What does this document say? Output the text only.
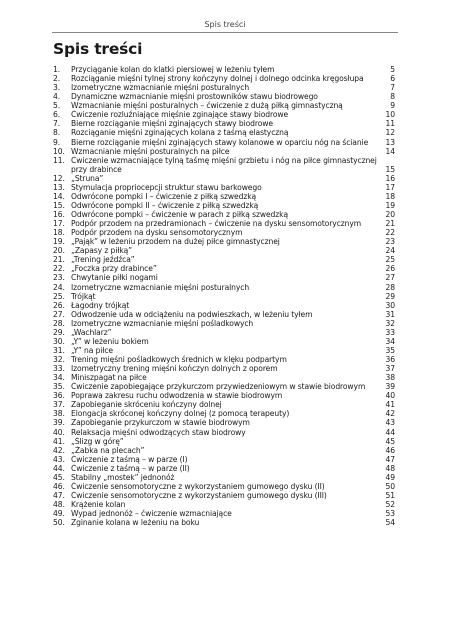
Spis treści
Spis treści
1.	Przyciąganie kolan do klatki piersiowej w leżeniu tyłem	5
2.	Rozciąganie mięśni tylnej strony kończyny dolnej i dolnego odcinka kręgosłupa	6
3.	Izometryczne wzmacnianie mięśni posturalnych	7
4.	Dynamiczne wzmacnianie mięśni prostowników stawu biodrowego	8
5.	Wzmacnianie mięśni posturalnych – ćwiczenie z dużą piłką gimnastyczną	9
6.	Ćwiczenie rozluźniające mięśnie zginające stawy biodrowe	10
7.	Bierne rozciąganie mięśni zginających stawy biodrowe	11
8.	Rozciąganie mięśni zginających kolana z taśmą elastyczną	12
9.	Bierne rozciąganie mięśni zginających stawy kolanowe w oparciu nóg na ścianie	13
10. Wzmacnianie mięśni posturalnych na piłce	14
11. Ćwiczenie wzmacniające tylną taśmę mięśni grzbietu i nóg na piłce gimnastycznej przy drabince	15
12. „Struna”	16
13. Stymulacja propriocepcji struktur stawu barkowego	17
14. Odwrócone pompki I – ćwiczenie z piłką szwedzką	18
15. Odwrócone pompki II – ćwiczenie z piłką szwedzką	19
16. Odwrócone pompki – ćwiczenie w parach z piłką szwedzką	20
17. Podpór przodem na przedramionach – ćwiczenie na dysku sensomotorycznym	21
18. Podpór przodem na dysku sensomotorycznym	22
19. „Pająk” w leżeniu przodem na dużej piłce gimnastycznej	23
20. „Zapasy z piłką”	24
21. „Trening jeźdźca”	25
22. „Foczka przy drabince”	26
23. Chwytanie piłki nogami	27
24. Izometryczne wzmacnianie mięśni posturalnych	28
25. Trójkąt	29
26. Łagodny trójkąt	30
27. Odwodzenie uda w odciążeniu na podwieszkach, w leżeniu tyłem	31
28. Izometryczne wzmacnianie mięśni pośladkowych	32
29. „Wachlarz”	33
30. „Y” w leżeniu bokiem	34
31. „Y” na piłce	35
32. Trening mięśni pośladkowych średnich w klęku podpartym	36
33. Izometryczny trening mięśni kończyn dolnych z oporem	37
34. Miniszpagat na piłce	38
35. Ćwiczenie zapobiegające przykurczom przywiedzeniowym w stawie biodrowym	39
36. Poprawa zakresu ruchu odwodzenia w stawie biodrowym	40
37. Zapobieganie skróceniu kończyny dolnej	41
38. Elongacja skróconej kończyny dolnej (z pomocą terapeuty)	42
39. Zapobieganie przykurczom w stawie biodrowym	43
40. Relaksacja mięśni odwodzących staw biodrowy	44
41. „Ślizg w górę”	45
42. „Żabka na plecach”	46
43. Ćwiczenie z taśmą – w parze (I)	47
44. Ćwiczenie z taśmą – w parze (II)	48
45. Stabilny „mostek” jednonóż	49
46. Ćwiczenie sensomotoryczne z wykorzystaniem gumowego dysku (II)	50
47. Ćwiczenie sensomotoryczne z wykorzystaniem gumowego dysku (III)	51
48. Krążenie kolan	52
49. Wypad jednonóż – ćwiczenie wzmacniające	53
50. Zginanie kolana w leżeniu na boku	54
